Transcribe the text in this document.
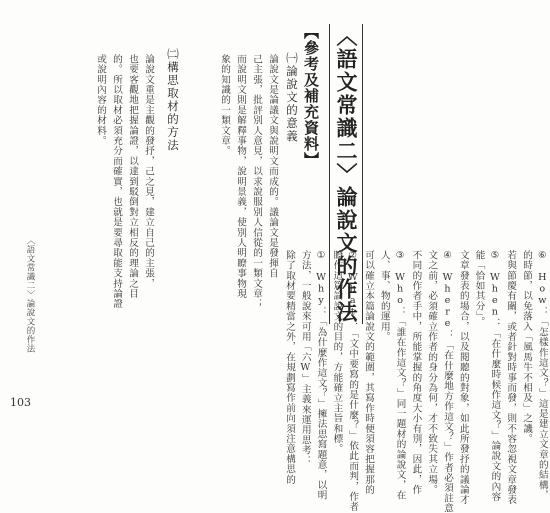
〈語文常識二〉論說文的作法
除了取材要精當之外，在規劃寫作前向須注意構思的 方法，一般說來可用「六W」主義來運用思考： ①　Why：「為什麼作這文？」擁法思寫題意，以明 瞭作這篇論說文的目的，方能確立主旨和標。 ②　What：「文中要寫的是什麼？」依此而判，作者 可以確立本篇論說文的範圍，其寫作時便須容把握那的 人、事、物的運用。 ③　Who：「誰在作這文？」同一題材的論說文，在 不同的作者手中，所能掌握的角度大小有別，因此，作 文之前，必須確立作者的身分為何，才不致失其立場。 ④　Where：「在什麼地方作這文？」作者必須註意 文章發表的場合，以及閱聽的對象，如此所發抒的議論才 能「恰如其分」。 ⑤　When：「在什麼時候作這文？」論說文的內容 若與節慶有關，或者針對時事而發，則不容忽視文章發表 的時節，以免落入「風馬牛不相及」之譏。 ⑥　How：「怎樣作這文？」這是建立文章的結構，
【參考及補充資料】
㈠論說文的意義
論說文是論議文與說明文而成的。議論文是發揮自
己主張，批評別人意見，以求說服別人信從的一類文章；
而說明文則是解釋事物，說明景義，使別人明瞭事物現
象的知識的一類文章。
㈡構思取材的方法
論說文重是主觀的發抒，己之見，建立自己的主張，
也要客觀地把握論證，以達到駁倒對立相反的理論之目
的。所以取材必須充分而確實，也就是要尋取能支持論證
或說明內容的材料。
〈語文常識二〉論說文的作法
103
